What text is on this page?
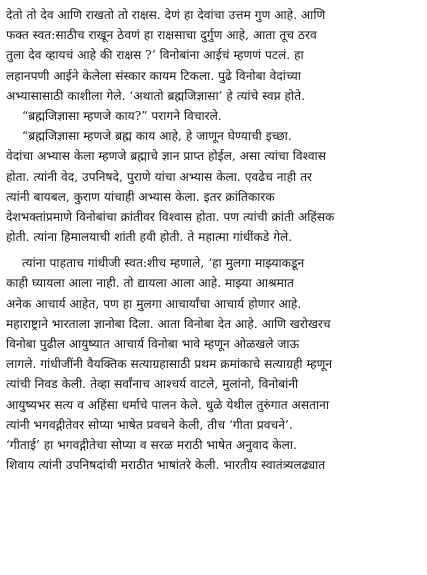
देतो तो देव आणि राखतो तो राक्षस. देणं हा देवांचा उत्तम गुण आहे. आणि
फक्त स्वत:साठीच राखून ठेवणं हा राक्षसाचा दुर्गुण आहे, आता तूच ठरव
तुला देव व्हायचं आहे की राक्षस ?’ विनोबांना आईचं म्हणणं पटलं. हा
लहानपणी आईने केलेला संस्कार कायम टिकला. पुढे विनोबा वेदांच्या
अभ्यासासाठी काशीला गेले. ‘अथातो ब्रह्मजिज्ञासा’ हे त्यांचे स्वप्न होते.
“ब्रह्मजिज्ञासा म्हणजे काय?” परागने विचारले.
“ब्रह्मजिज्ञासा म्हणजे ब्रह्म काय आहे, हे जाणून घेण्याची इच्छा.
वेदांचा अभ्यास केला म्हणजे ब्रह्माचे ज्ञान प्राप्त होईल, असा त्यांचा विश्वास
होता. त्यांनी वेद, उपनिषदे, पुराणे यांचा अभ्यास केला. एवढेच नाही तर
त्यांनी बायबल, कुराण यांचाही अभ्यास केला. इतर क्रांतिकारक
देशभक्तांप्रमाणे विनोबांचा क्रांतीवर विश्वास होता. पण त्यांची क्रांती अहिंसक
होती. त्यांना हिमालयाची शांती हवी होती. ते महात्मा गांधींकडे गेले.
त्यांना पाहताच गांधीजी स्वत:शीच म्हणाले, ‘हा मुलगा माझ्याकडून
काही घ्यायला आला नाही. तो द्यायला आला आहे. माझ्या आश्रमात
अनेक आचार्य आहेत, पण हा मुलगा आचार्यांचा आचार्य होणार आहे.
महाराष्ट्राने भारताला ज्ञानोबा दिला. आता विनोबा देत आहे. आणि खरोखरच
विनोबा पुढील आयुष्यात आचार्य विनोबा भावे म्हणून ओळखले जाऊ
लागले. गांधीजींनी वैयक्तिक सत्याग्रहासाठी प्रथम क्रमांकाचे सत्याग्रही म्हणून
त्यांची निवड केली. तेव्हा सर्वांनाच आश्चर्य वाटले, मुलांनो, विनोबांनी
आयुष्यभर सत्य व अहिंसा धर्माचे पालन केले. धुळे येथील तुरुंगात असताना
त्यांनी भगवद्गीतेवर सोप्या भाषेत प्रवचने केली, तीच ‘गीता प्रवचने’.
‘गीताई’ हा भगवद्गीतेचा सोप्या व सरळ मराठी भाषेत अनुवाद केला.
शिवाय त्यांनी उपनिषदांची मराठीत भाषांतरे केली. भारतीय स्वातंत्र्यलढ्यात
